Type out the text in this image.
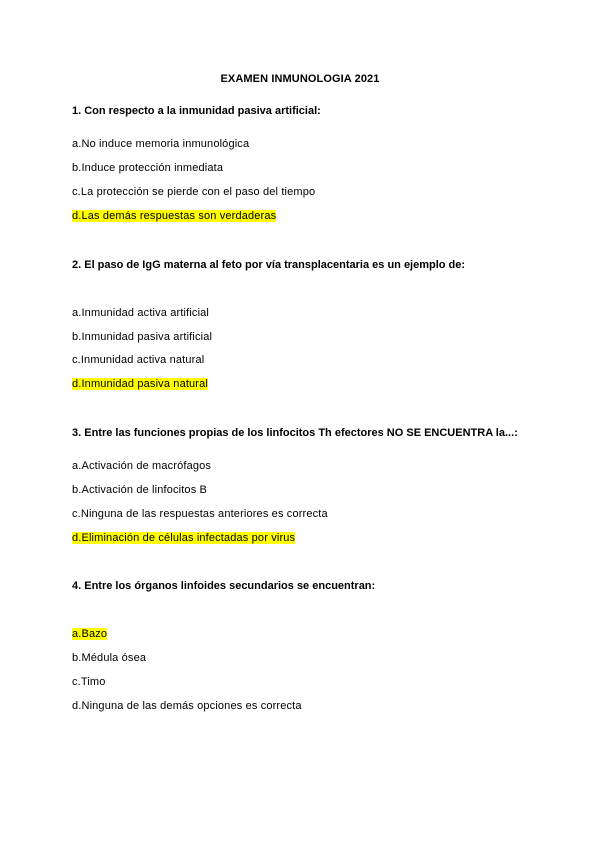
EXAMEN INMUNOLOGIA 2021
1. Con respecto a la inmunidad pasiva artificial:
a.No induce memoria inmunológica
b.Induce protección inmediata
c.La protección se pierde con el paso del tiempo
d.Las demás respuestas son verdaderas
2. El paso de IgG materna al feto por vía transplacentaria es un ejemplo de:
a.Inmunidad activa artificial
b.Inmunidad pasiva artificial
c.Inmunidad activa natural
d.Inmunidad pasiva natural
3. Entre las funciones propias de los linfocitos Th efectores NO SE ENCUENTRA la...:
a.Activación de macrófagos
b.Activación de linfocitos B
c.Ninguna de las respuestas anteriores es correcta
d.Eliminación de células infectadas por virus
4. Entre los órganos linfoides secundarios se encuentran:
a.Bazo
b.Médula ósea
c.Timo
d.Ninguna de las demás opciones es correcta
